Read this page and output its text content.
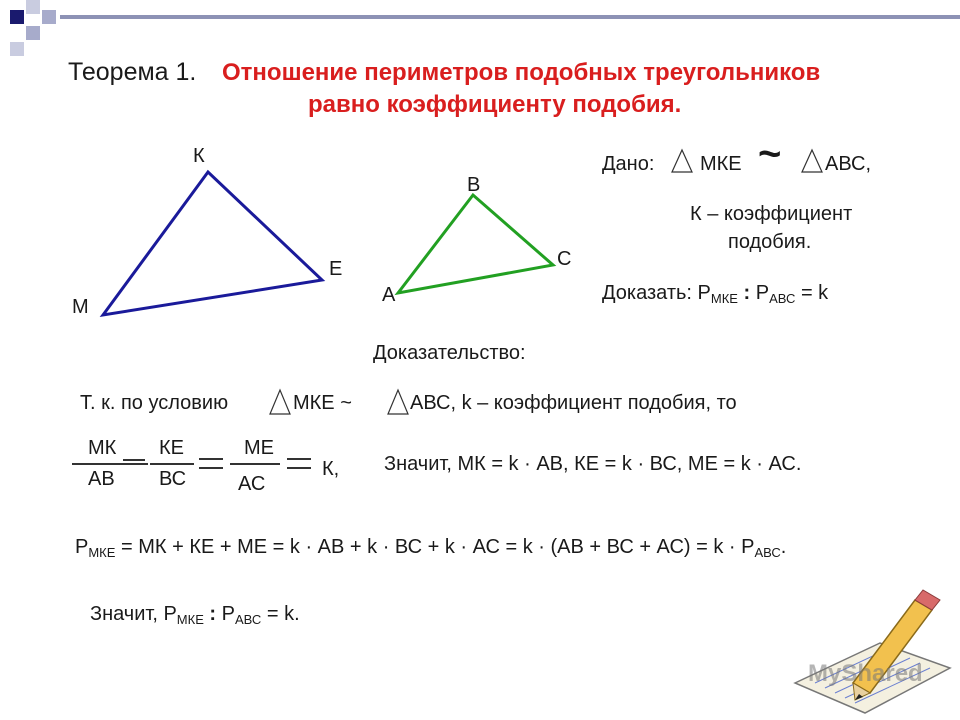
Теорема 1. Отношение периметров подобных треугольников
равно коэффициенту подобия.
К
Е
М
В
С
А
Дано: МКЕ ~ АВС,
К – коэффициент
подобия.
Доказать: $Р_{МКЕ}$ : $Р_{АВС} = k$
Доказательство:
Т. к. по условию	МКЕ ~	АВС, k – коэффициент подобия, то
МК
АВ
КЕ
ВС
МЕ
АС
К, Значит, МК = k · АВ, КЕ = k · ВС, МЕ = k · АС.
$Р_{МКЕ}$ = МК + КЕ + МЕ = k · АВ + k · ВС + k · АС = k · (АВ + ВС + $АС) = k \cdot Р_{АВС}$.
Значит, $Р_{МКЕ}$ : $Р_{АВС} = k$.
MyShared
